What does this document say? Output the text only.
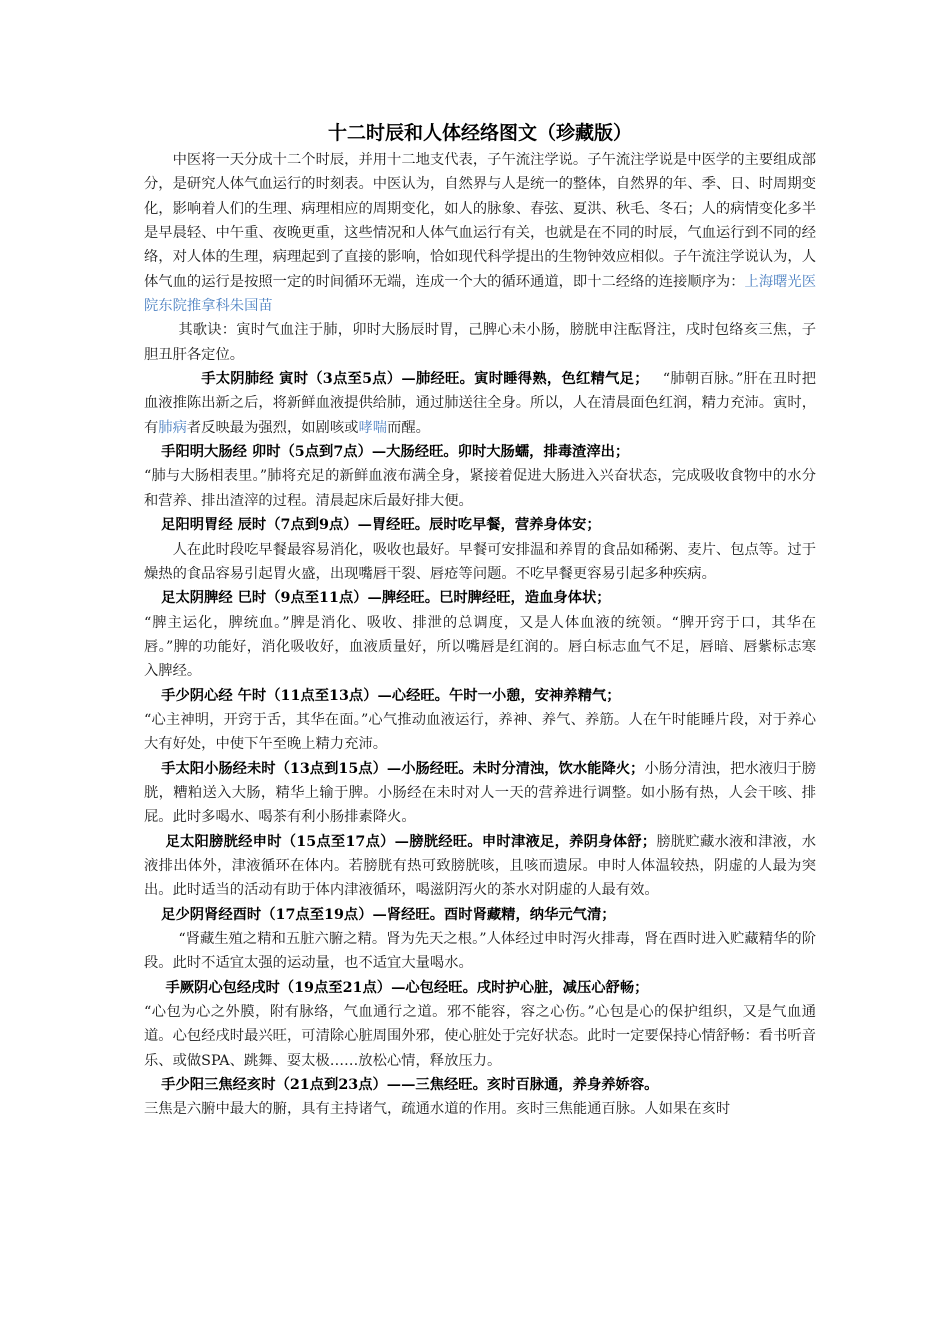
十二时辰和人体经络图文（珍藏版）

中医将一天分成十二个时辰，并用十二地支代表，子午流注学说。子午流注学说是中医学的主要组成部分，是研究人体气血运行的时刻表。中医认为，自然界与人是统一的整体，自然界的年、季、日、时周期变化，影响着人们的生理、病理相应的周期变化，如人的脉象、春弦、夏洪、秋毛、冬石；人的病情变化多半是早晨轻、中午重、夜晚更重，这些情况和人体气血运行有关，也就是在不同的时辰，气血运行到不同的经络，对人体的生理，病理起到了直接的影响，恰如现代科学提出的生物钟效应相似。子午流注学说认为，人体气血的运行是按照一定的时间循环无端，连成一个大的循环通道，即十二经络的连接顺序为：上海曙光医院东院推拿科朱国苗

其歌诀：寅时气血注于肺，卯时大肠辰时胃，己脾心未小肠，膀胱申注酝肾注，戌时包络亥三焦，子胆丑肝各定位。

手太阴肺经 寅时（3点至5点）—肺经旺。寅时睡得熟，色红精气足；  “肺朝百脉。”肝在丑时把血液推陈出新之后，将新鲜血液提供给肺，通过肺送往全身。所以，人在清晨面色红润，精力充沛。寅时，有肺病者反映最为强烈，如剧咳或哮喘而醒。

手阳明大肠经 卯时（5点到7点）—大肠经旺。卯时大肠蠕，排毒渣滓出；

“肺与大肠相表里。”肺将充足的新鲜血液布满全身，紧接着促进大肠进入兴奋状态，完成吸收食物中的水分和营养、排出渣滓的过程。清晨起床后最好排大便。

足阳明胃经 辰时（7点到9点）—胃经旺。辰时吃早餐，营养身体安；

人在此时段吃早餐最容易消化，吸收也最好。早餐可安排温和养胃的食品如稀粥、麦片、包点等。过于燥热的食品容易引起胃火盛，出现嘴唇干裂、唇疮等问题。不吃早餐更容易引起多种疾病。

足太阴脾经 巳时（9点至11点）—脾经旺。巳时脾经旺，造血身体状；

“脾主运化，脾统血。”脾是消化、吸收、排泄的总调度，又是人体血液的统领。“脾开窍于口，其华在唇。”脾的功能好，消化吸收好，血液质量好，所以嘴唇是红润的。唇白标志血气不足，唇暗、唇紫标志寒入脾经。

手少阴心经 午时（11点至13点）—心经旺。午时一小憩，安神养精气；

“心主神明，开窍于舌，其华在面。”心气推动血液运行，养神、养气、养筋。人在午时能睡片段，对于养心大有好处，中使下午至晚上精力充沛。

手太阳小肠经未时（13点到15点）—小肠经旺。未时分清浊，饮水能降火；小肠分清浊，把水液归于膀胱，糟粕送入大肠，精华上输于脾。小肠经在未时对人一天的营养进行调整。如小肠有热，人会干咳、排屁。此时多喝水、喝茶有利小肠排素降火。

足太阳膀胱经申时（15点至17点）—膀胱经旺。申时津液足，养阴身体舒；膀胱贮藏水液和津液，水液排出体外，津液循环在体内。若膀胱有热可致膀胱咳，且咳而遗尿。申时人体温较热，阴虚的人最为突出。此时适当的活动有助于体内津液循环，喝滋阴泻火的茶水对阴虚的人最有效。

足少阴肾经酉时（17点至19点）—肾经旺。酉时肾藏精，纳华元气清；

“肾藏生殖之精和五脏六腑之精。肾为先天之根。”人体经过申时泻火排毒，肾在酉时进入贮藏精华的阶段。此时不适宜太强的运动量，也不适宜大量喝水。

手厥阴心包经戌时（19点至21点）—心包经旺。戌时护心脏，减压心舒畅；

“心包为心之外膜，附有脉络，气血通行之道。邪不能容，容之心伤。”心包是心的保护组织，又是气血通道。心包经戌时最兴旺，可清除心脏周围外邪，使心脏处于完好状态。此时一定要保持心情舒畅：看书听音乐、或做SPA、跳舞、耍太极……放松心情，释放压力。

手少阳三焦经亥时（21点到23点）——三焦经旺。亥时百脉通，养身养娇容。

三焦是六腑中最大的腑，具有主持诸气，疏通水道的作用。亥时三焦能通百脉。人如果在亥时
